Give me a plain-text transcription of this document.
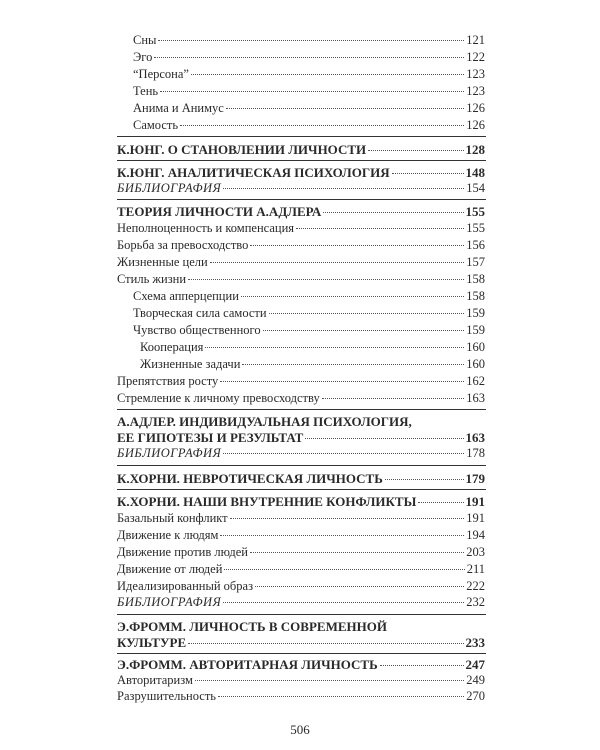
Сны	121
Эго	122
“Персона”	123
Тень	123
Анима и Анимус	126
Самость	126
К.ЮНГ. О СТАНОВЛЕНИИ ЛИЧНОСТИ	128
К.ЮНГ. АНАЛИТИЧЕСКАЯ ПСИХОЛОГИЯ	148
БИБЛИОГРАФИЯ	154
ТЕОРИЯ ЛИЧНОСТИ А.АДЛЕРА	155
Неполноценность и компенсация	155
Борьба за превосходство	156
Жизненные цели	157
Стиль жизни	158
Схема апперцепции	158
Творческая сила самости	159
Чувство общественного	159
Кооперация	160
Жизненные задачи	160
Препятствия росту	162
Стремление к личному превосходству	163
А.АДЛЕР. ИНДИВИДУАЛЬНАЯ ПСИХОЛОГИЯ,
ЕЕ ГИПОТЕЗЫ И РЕЗУЛЬТАТ	163
БИБЛИОГРАФИЯ	178
К.ХОРНИ. НЕВРОТИЧЕСКАЯ ЛИЧНОСТЬ	179
К.ХОРНИ. НАШИ ВНУТРЕННИЕ КОНФЛИКТЫ	191
Базальный конфликт	191
Движение к людям	194
Движение против людей	203
Движение от людей	211
Идеализированный образ	222
БИБЛИОГРАФИЯ	232
Э.ФРОММ. ЛИЧНОСТЬ В СОВРЕМЕННОЙ
КУЛЬТУРЕ	233
Э.ФРОММ. АВТОРИТАРНАЯ ЛИЧНОСТЬ	247
Авторитаризм	249
Разрушительность	270
506
